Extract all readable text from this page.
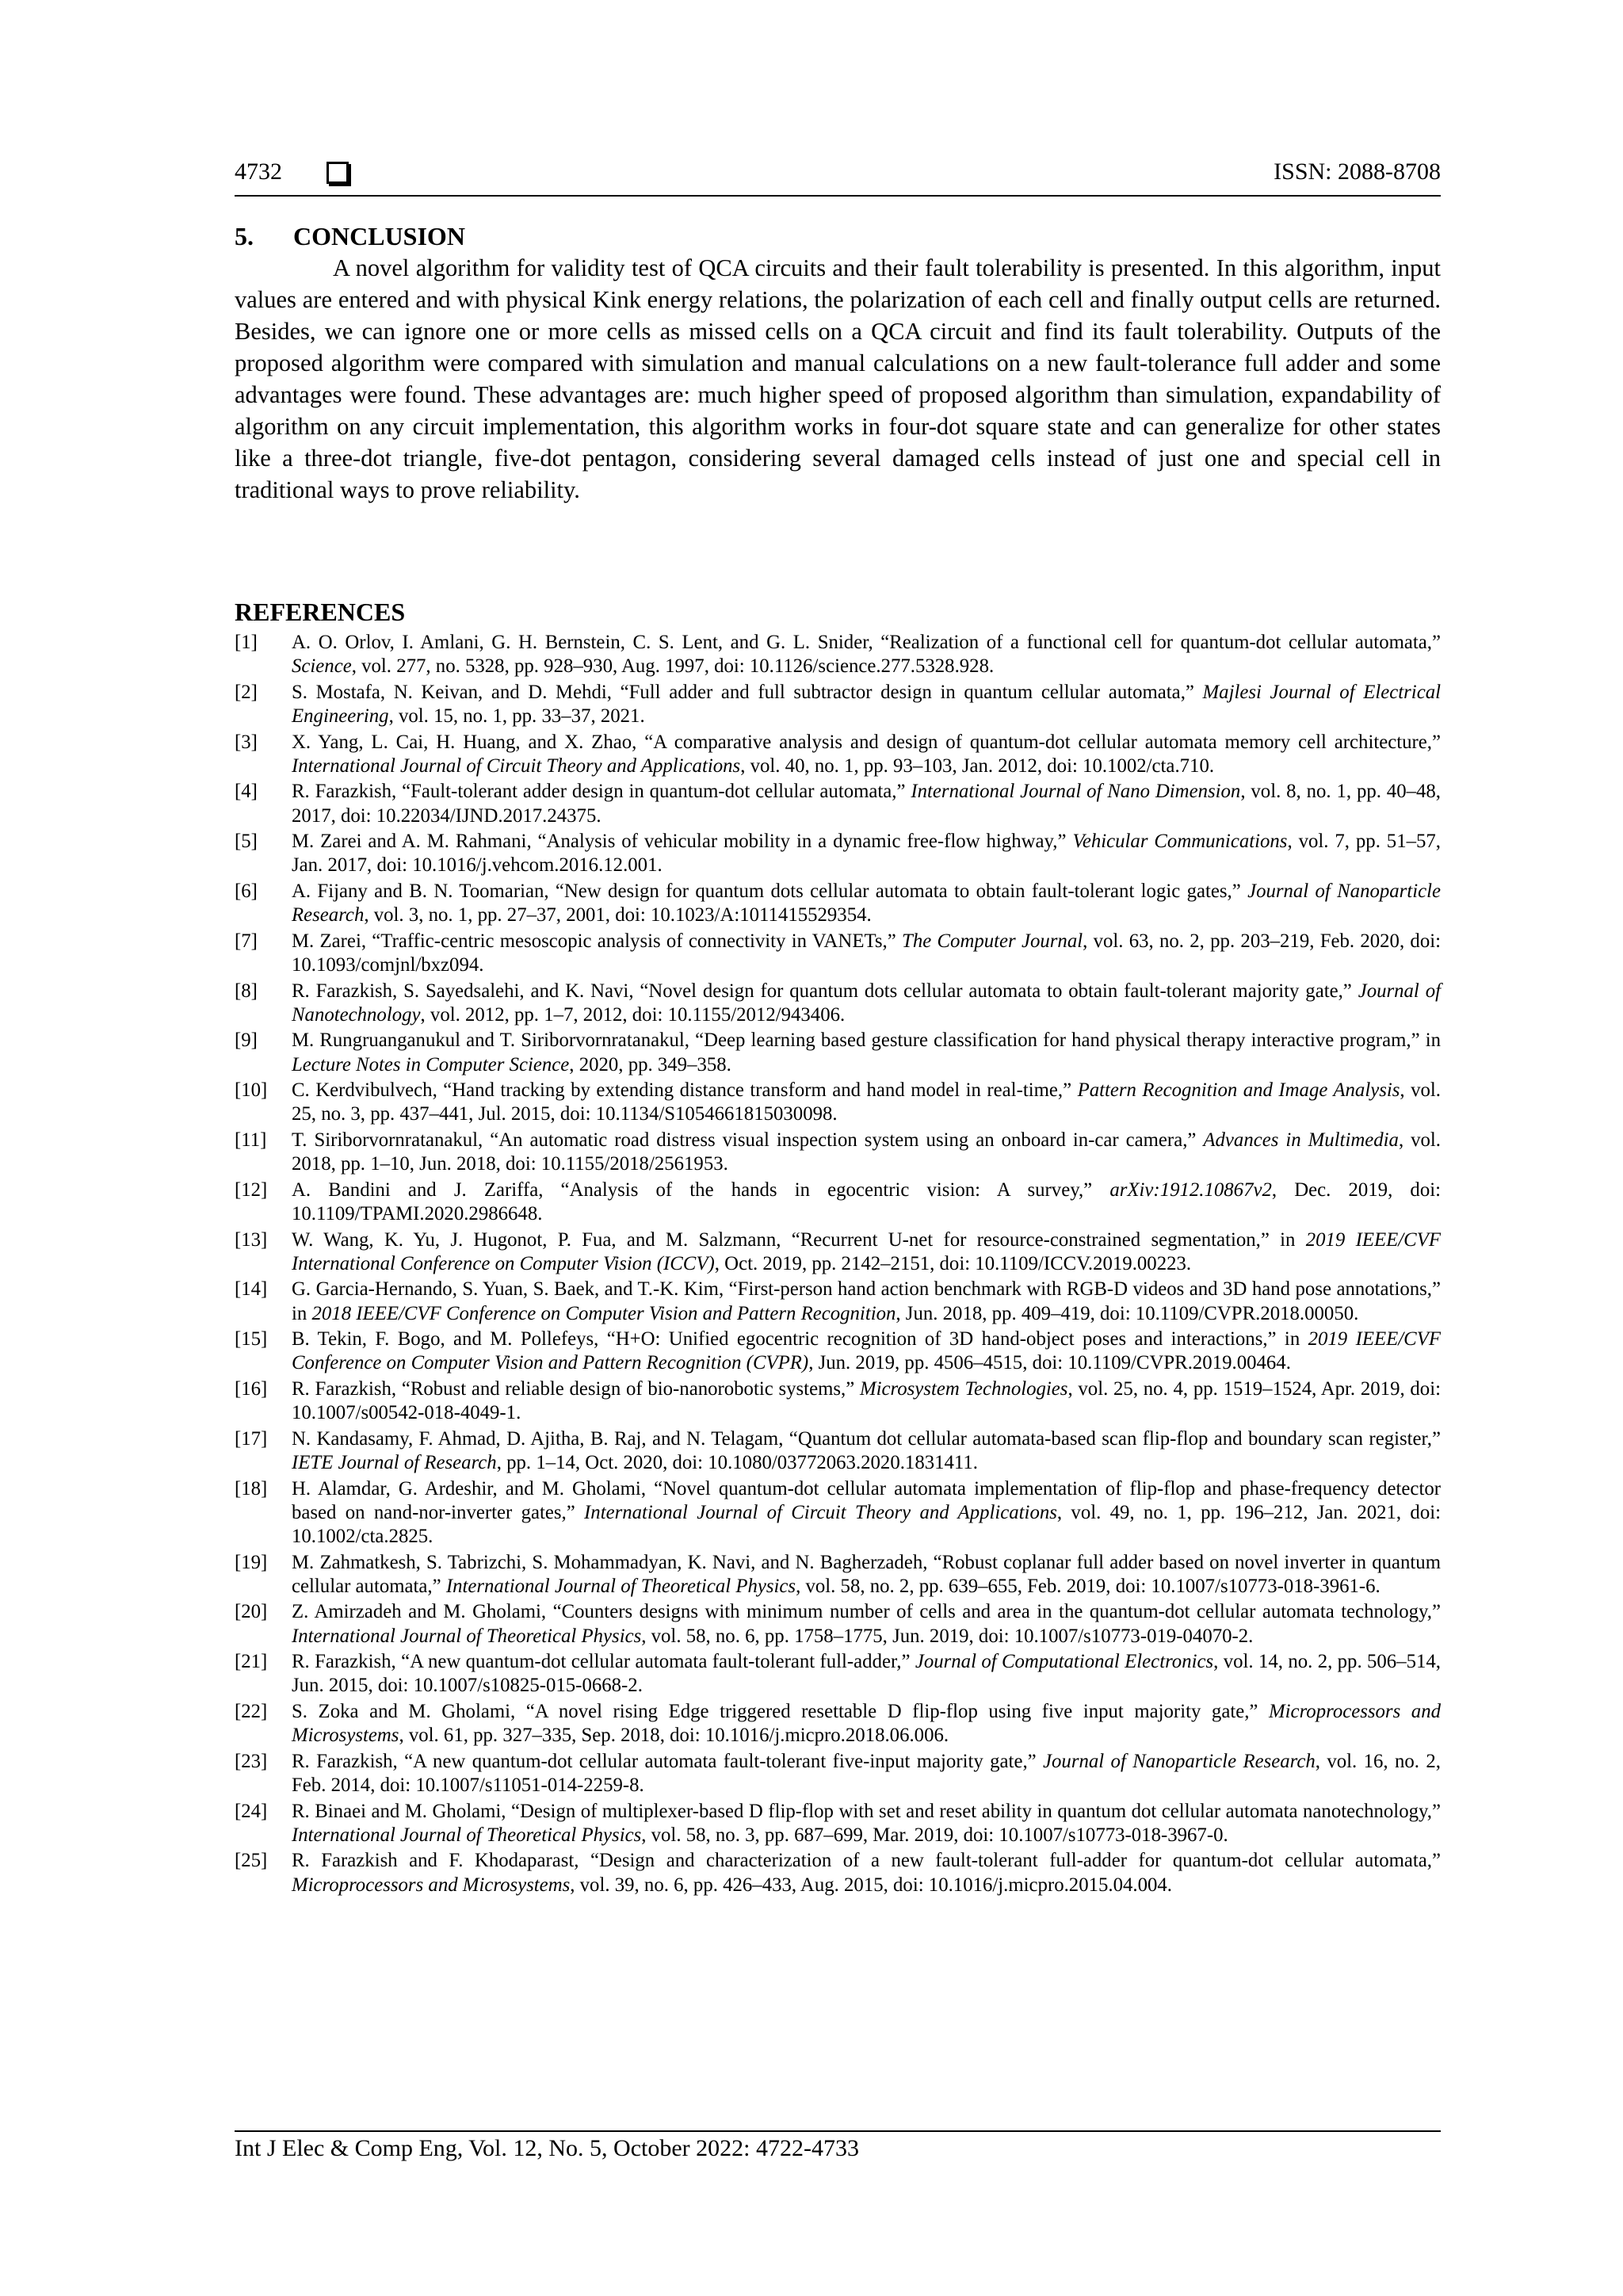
4732	ISSN: 2088-8708
5. CONCLUSION

A novel algorithm for validity test of QCA circuits and their fault tolerability is presented. In this algorithm, input values are entered and with physical Kink energy relations, the polarization of each cell and finally output cells are returned. Besides, we can ignore one or more cells as missed cells on a QCA circuit and find its fault tolerability. Outputs of the proposed algorithm were compared with simulation and manual calculations on a new fault-tolerance full adder and some advantages were found. These advantages are: much higher speed of proposed algorithm than simulation, expandability of algorithm on any circuit implementation, this algorithm works in four-dot square state and can generalize for other states like a three-dot triangle, five-dot pentagon, considering several damaged cells instead of just one and special cell in traditional ways to prove reliability.

REFERENCES
[1] A. O. Orlov, I. Amlani, G. H. Bernstein, C. S. Lent, and G. L. Snider, “Realization of a functional cell for quantum-dot cellular automata,” Science, vol. 277, no. 5328, pp. 928–930, Aug. 1997, doi: 10.1126/science.277.5328.928.
[2] S. Mostafa, N. Keivan, and D. Mehdi, “Full adder and full subtractor design in quantum cellular automata,” Majlesi Journal of Electrical Engineering, vol. 15, no. 1, pp. 33–37, 2021.
[3] X. Yang, L. Cai, H. Huang, and X. Zhao, “A comparative analysis and design of quantum-dot cellular automata memory cell architecture,” International Journal of Circuit Theory and Applications, vol. 40, no. 1, pp. 93–103, Jan. 2012, doi: 10.1002/cta.710.
[4] R. Farazkish, “Fault-tolerant adder design in quantum-dot cellular automata,” International Journal of Nano Dimension, vol. 8, no. 1, pp. 40–48, 2017, doi: 10.22034/IJND.2017.24375.
[5] M. Zarei and A. M. Rahmani, “Analysis of vehicular mobility in a dynamic free-flow highway,” Vehicular Communications, vol. 7, pp. 51–57, Jan. 2017, doi: 10.1016/j.vehcom.2016.12.001.
[6] A. Fijany and B. N. Toomarian, “New design for quantum dots cellular automata to obtain fault-tolerant logic gates,” Journal of Nanoparticle Research, vol. 3, no. 1, pp. 27–37, 2001, doi: 10.1023/A:1011415529354.
[7] M. Zarei, “Traffic-centric mesoscopic analysis of connectivity in VANETs,” The Computer Journal, vol. 63, no. 2, pp. 203–219, Feb. 2020, doi: 10.1093/comjnl/bxz094.
[8] R. Farazkish, S. Sayedsalehi, and K. Navi, “Novel design for quantum dots cellular automata to obtain fault-tolerant majority gate,” Journal of Nanotechnology, vol. 2012, pp. 1–7, 2012, doi: 10.1155/2012/943406.
[9] M. Rungruanganukul and T. Siriborvornratanakul, “Deep learning based gesture classification for hand physical therapy interactive program,” in Lecture Notes in Computer Science, 2020, pp. 349–358.
[10] C. Kerdvibulvech, “Hand tracking by extending distance transform and hand model in real-time,” Pattern Recognition and Image Analysis, vol. 25, no. 3, pp. 437–441, Jul. 2015, doi: 10.1134/S1054661815030098.
[11] T. Siriborvornratanakul, “An automatic road distress visual inspection system using an onboard in-car camera,” Advances in Multimedia, vol. 2018, pp. 1–10, Jun. 2018, doi: 10.1155/2018/2561953.
[12] A. Bandini and J. Zariffa, “Analysis of the hands in egocentric vision: A survey,” arXiv:1912.10867v2, Dec. 2019, doi: 10.1109/TPAMI.2020.2986648.
[13] W. Wang, K. Yu, J. Hugonot, P. Fua, and M. Salzmann, “Recurrent U-net for resource-constrained segmentation,” in 2019 IEEE/CVF International Conference on Computer Vision (ICCV), Oct. 2019, pp. 2142–2151, doi: 10.1109/ICCV.2019.00223.
[14] G. Garcia-Hernando, S. Yuan, S. Baek, and T.-K. Kim, “First-person hand action benchmark with RGB-D videos and 3D hand pose annotations,” in 2018 IEEE/CVF Conference on Computer Vision and Pattern Recognition, Jun. 2018, pp. 409–419, doi: 10.1109/CVPR.2018.00050.
[15] B. Tekin, F. Bogo, and M. Pollefeys, “H+O: Unified egocentric recognition of 3D hand-object poses and interactions,” in 2019 IEEE/CVF Conference on Computer Vision and Pattern Recognition (CVPR), Jun. 2019, pp. 4506–4515, doi: 10.1109/CVPR.2019.00464.
[16] R. Farazkish, “Robust and reliable design of bio-nanorobotic systems,” Microsystem Technologies, vol. 25, no. 4, pp. 1519–1524, Apr. 2019, doi: 10.1007/s00542-018-4049-1.
[17] N. Kandasamy, F. Ahmad, D. Ajitha, B. Raj, and N. Telagam, “Quantum dot cellular automata-based scan flip-flop and boundary scan register,” IETE Journal of Research, pp. 1–14, Oct. 2020, doi: 10.1080/03772063.2020.1831411.
[18] H. Alamdar, G. Ardeshir, and M. Gholami, “Novel quantum-dot cellular automata implementation of flip-flop and phase-frequency detector based on nand-nor-inverter gates,” International Journal of Circuit Theory and Applications, vol. 49, no. 1, pp. 196–212, Jan. 2021, doi: 10.1002/cta.2825.
[19] M. Zahmatkesh, S. Tabrizchi, S. Mohammadyan, K. Navi, and N. Bagherzadeh, “Robust coplanar full adder based on novel inverter in quantum cellular automata,” International Journal of Theoretical Physics, vol. 58, no. 2, pp. 639–655, Feb. 2019, doi: 10.1007/s10773-018-3961-6.
[20] Z. Amirzadeh and M. Gholami, “Counters designs with minimum number of cells and area in the quantum-dot cellular automata technology,” International Journal of Theoretical Physics, vol. 58, no. 6, pp. 1758–1775, Jun. 2019, doi: 10.1007/s10773-019-04070-2.
[21] R. Farazkish, “A new quantum-dot cellular automata fault-tolerant full-adder,” Journal of Computational Electronics, vol. 14, no. 2, pp. 506–514, Jun. 2015, doi: 10.1007/s10825-015-0668-2.
[22] S. Zoka and M. Gholami, “A novel rising Edge triggered resettable D flip-flop using five input majority gate,” Microprocessors and Microsystems, vol. 61, pp. 327–335, Sep. 2018, doi: 10.1016/j.micpro.2018.06.006.
[23] R. Farazkish, “A new quantum-dot cellular automata fault-tolerant five-input majority gate,” Journal of Nanoparticle Research, vol. 16, no. 2, Feb. 2014, doi: 10.1007/s11051-014-2259-8.
[24] R. Binaei and M. Gholami, “Design of multiplexer-based D flip-flop with set and reset ability in quantum dot cellular automata nanotechnology,” International Journal of Theoretical Physics, vol. 58, no. 3, pp. 687–699, Mar. 2019, doi: 10.1007/s10773-018-3967-0.
[25] R. Farazkish and F. Khodaparast, “Design and characterization of a new fault-tolerant full-adder for quantum-dot cellular automata,” Microprocessors and Microsystems, vol. 39, no. 6, pp. 426–433, Aug. 2015, doi: 10.1016/j.micpro.2015.04.004.
Int J Elec & Comp Eng, Vol. 12, No. 5, October 2022: 4722-4733
